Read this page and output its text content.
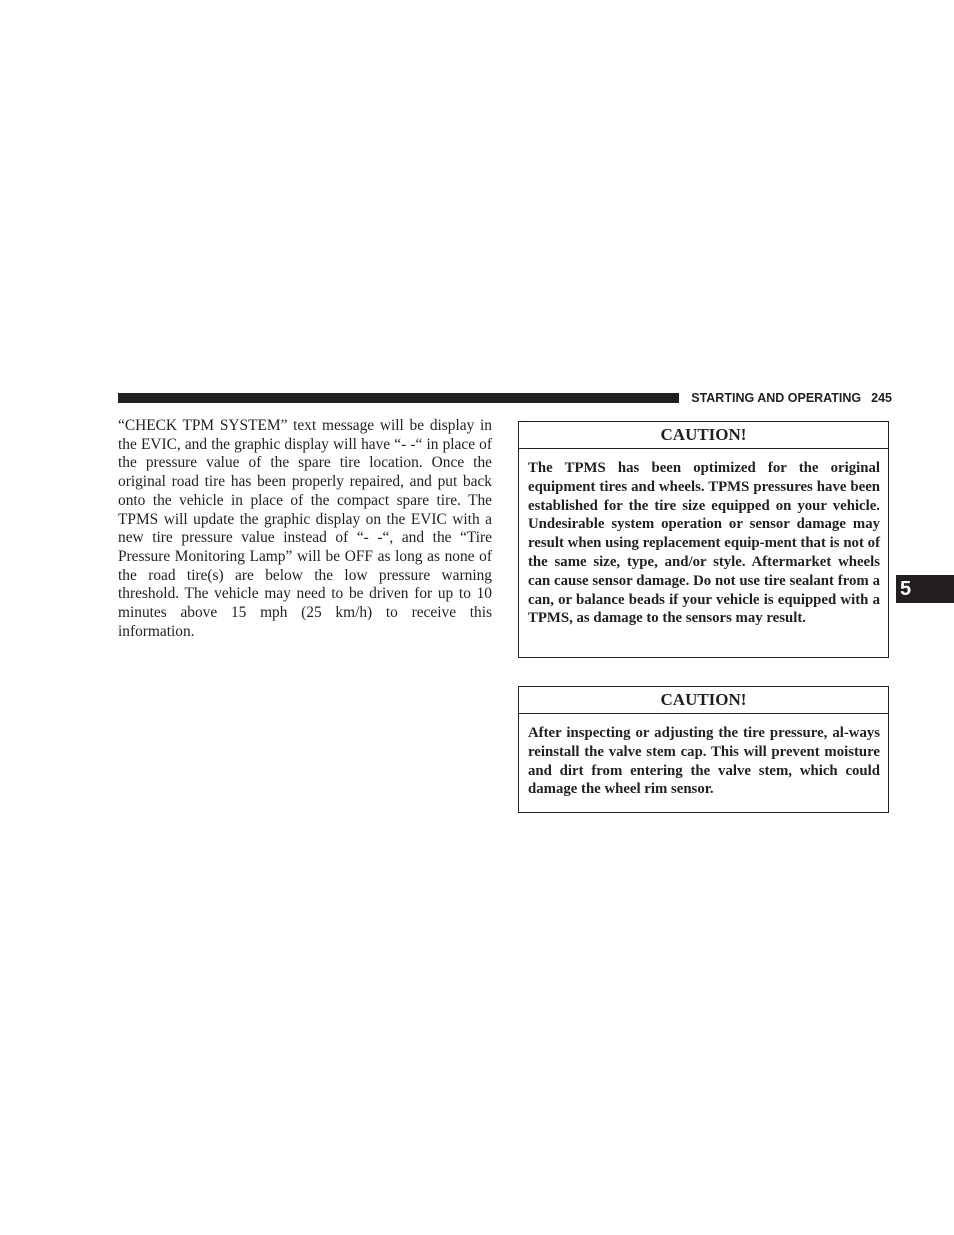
STARTING AND OPERATING 245

“CHECK TPM SYSTEM” text message will be display in the EVIC, and the graphic display will have “- -“ in place of the pressure value of the spare tire location. Once the original road tire has been properly repaired, and put back onto the vehicle in place of the compact spare tire. The TPMS will update the graphic display on the EVIC with a new tire pressure value instead of “- -“, and the “Tire Pressure Monitoring Lamp” will be OFF as long as none of the road tire(s) are below the low pressure warning threshold. The vehicle may need to be driven for up to 10 minutes above 15 mph (25 km/h) to receive this information.

CAUTION!

The TPMS has been optimized for the original equipment tires and wheels. TPMS pressures have been established for the tire size equipped on your vehicle. Undesirable system operation or sensor damage may result when using replacement equip-ment that is not of the same size, type, and/or style. Aftermarket wheels can cause sensor damage. Do not use tire sealant from a can, or balance beads if your vehicle is equipped with a TPMS, as damage to the sensors may result.

CAUTION!

After inspecting or adjusting the tire pressure, al-ways reinstall the valve stem cap. This will prevent moisture and dirt from entering the valve stem, which could damage the wheel rim sensor.

5
